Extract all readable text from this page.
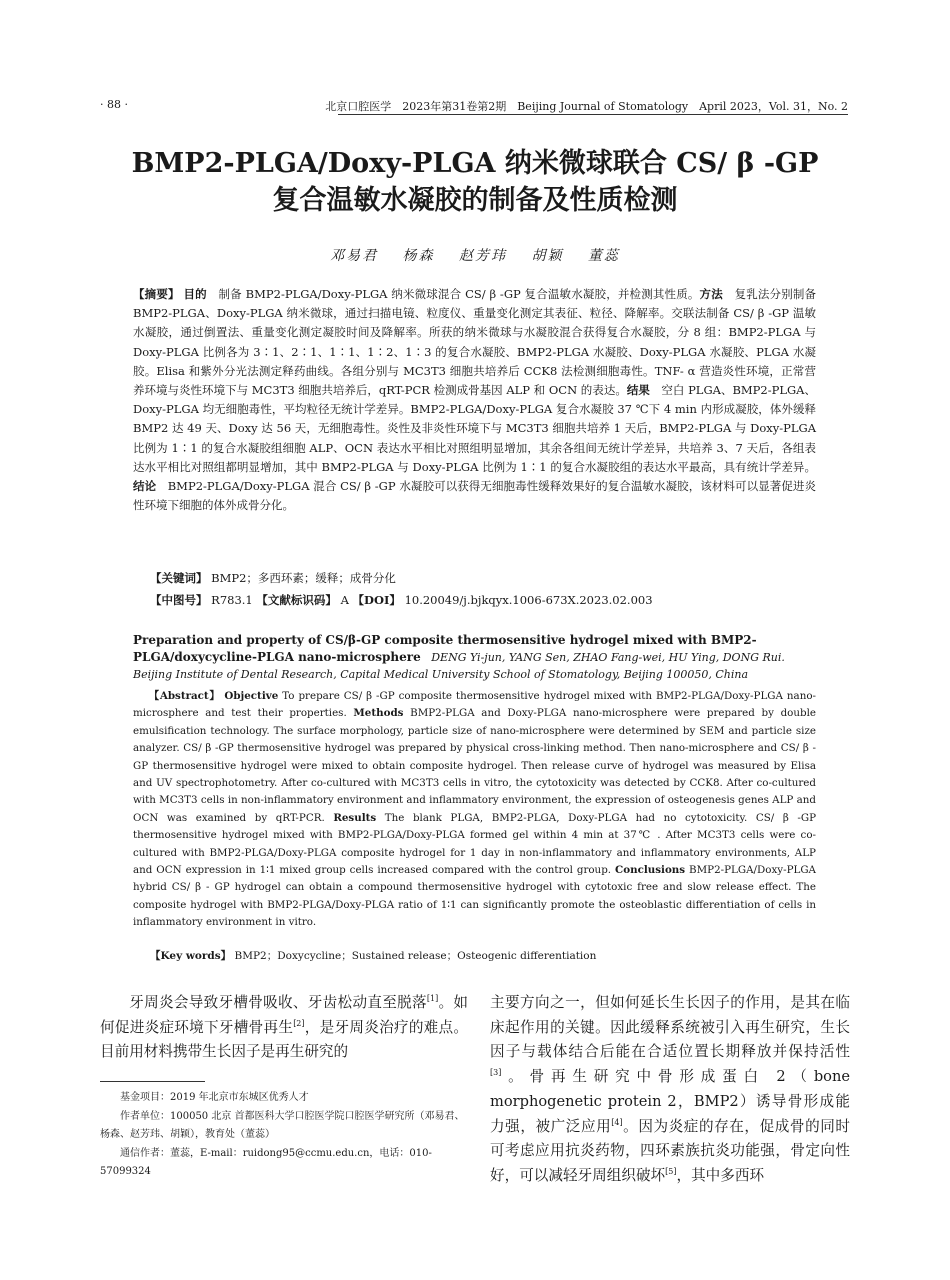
· 88 ·	北京口腔医学　2023年第31卷第2期　Beijing Journal of Stomatology　April 2023，Vol. 31，No. 2
BMP2-PLGA/Doxy-PLGA 纳米微球联合 CS/ β -GP
复合温敏水凝胶的制备及性质检测
邓易君 杨森 赵芳玮 胡颖 董蕊

【摘要】 目的　 制备 BMP2-PLGA/Doxy-PLGA 纳米微球混合 CS/ β -GP 复合温敏水凝胶，并检测其性质。方法　 复乳法分别制备 BMP2-PLGA、Doxy-PLGA 纳米微球，通过扫描电镜、粒度仪、重量变化测定其表征、粒径、降解率。交联法制备 CS/ β -GP 温敏水凝胶，通过倒置法、重量变化测定凝胶时间及降解率。所获的纳米微球与水凝胶混合获得复合水凝胶，分 8 组：BMP2-PLGA 与 Doxy-PLGA 比例各为 3∶1、2∶1、1∶1、1∶2、1∶3 的复合水凝胶、BMP2-PLGA 水凝胶、Doxy-PLGA 水凝胶、PLGA 水凝胶。Elisa 和紫外分光法测定释药曲线。各组分别与 MC3T3 细胞共培养后 CCK8 法检测细胞毒性。TNF- α 营造炎性环境，正常营养环境与炎性环境下与 MC3T3 细胞共培养后，qRT-PCR 检测成骨基因 ALP 和 OCN 的表达。结果　 空白 PLGA、BMP2-PLGA、Doxy-PLGA 均无细胞毒性，平均粒径无统计学差异。BMP2-PLGA/Doxy-PLGA 复合水凝胶 37 ℃下 4 min 内形成凝胶，体外缓释 BMP2 达 49 天、Doxy 达 56 天，无细胞毒性。炎性及非炎性环境下与 MC3T3 细胞共培养 1 天后，BMP2-PLGA 与 Doxy-PLGA 比例为 1∶1 的复合水凝胶组细胞 ALP、OCN 表达水平相比对照组明显增加，其余各组间无统计学差异，共培养 3、7 天后，各组表达水平相比对照组都明显增加，其中 BMP2-PLGA 与 Doxy-PLGA 比例为 1∶1 的复合水凝胶组的表达水平最高，具有统计学差异。结论　 BMP2-PLGA/Doxy-PLGA 混合 CS/ β -GP 水凝胶可以获得无细胞毒性缓释效果好的复合温敏水凝胶，该材料可以显著促进炎性环境下细胞的体外成骨分化。

【关键词】 BMP2；多西环素；缓释；成骨分化

【中图号】 R783.1 【文献标识码】 A 【DOI】 10.20049/j.bjkqyx.1006-673X.2023.02.003

Preparation and property of CS/β-GP composite thermosensitive hydrogel mixed with BMP2-PLGA/doxycycline-PLGA nano-microsphere DENG Yi-jun, YANG Sen, ZHAO Fang-wei, HU Ying, DONG Rui. Beijing Institute of Dental Research, Capital Medical University School of Stomatology, Beijing 100050, China

【Abstract】 Objective To prepare CS/ β -GP composite thermosensitive hydrogel mixed with BMP2-PLGA/Doxy-PLGA nano-microsphere and test their properties. Methods BMP2-PLGA and Doxy-PLGA nano-microsphere were prepared by double emulsification technology. The surface morphology, particle size of nano-microsphere were determined by SEM and particle size analyzer. CS/ β -GP thermosensitive hydrogel was prepared by physical cross-linking method. Then nano-microsphere and CS/ β -GP thermosensitive hydrogel were mixed to obtain composite hydrogel. Then release curve of hydrogel was measured by Elisa and UV spectrophotometry. After co-cultured with MC3T3 cells in vitro, the cytotoxicity was detected by CCK8. After co-cultured with MC3T3 cells in non-inflammatory environment and inflammatory environment, the expression of osteogenesis genes ALP and OCN was examined by qRT-PCR. Results The blank PLGA, BMP2-PLGA, Doxy-PLGA had no cytotoxicity. CS/ β -GP thermosensitive hydrogel mixed with BMP2-PLGA/Doxy-PLGA formed gel within 4 min at 37℃ . After MC3T3 cells were co-cultured with BMP2-PLGA/Doxy-PLGA composite hydrogel for 1 day in non-inflammatory and inflammatory environments, ALP and OCN expression in 1∶1 mixed group cells increased compared with the control group. Conclusions BMP2-PLGA/Doxy-PLGA hybrid CS/ β - GP hydrogel can obtain a compound thermosensitive hydrogel with cytotoxic free and slow release effect. The composite hydrogel with BMP2-PLGA/Doxy-PLGA ratio of 1∶1 can significantly promote the osteoblastic differentiation of cells in inflammatory environment in vitro.

【Key words】 BMP2；Doxycycline；Sustained release；Osteogenic differentiation

牙周炎会导致牙槽骨吸收、牙齿松动直至脱落[1]。如何促进炎症环境下牙槽骨再生[2]，是牙周炎治疗的难点。目前用材料携带生长因子是再生研究的

基金项目：2019 年北京市东城区优秀人才

作者单位：100050 北京 首都医科大学口腔医学院口腔医学研究所（邓易君、杨森、赵芳玮、胡颖），教育处（董蕊）

通信作者：董蕊，E-mail：ruidong95@ccmu.edu.cn，电话：010-57099324

主要方向之一，但如何延长生长因子的作用，是其在临床起作用的关键。因此缓释系统被引入再生研究，生长因子与载体结合后能在合适位置长期释放并保持活性[3]。骨再生研究中骨形成蛋白 2（bone morphogenetic protein 2，BMP2）诱导骨形成能力强，被广泛应用[4]。因为炎症的存在，促成骨的同时可考虑应用抗炎药物，四环素族抗炎功能强，骨定向性好，可以减轻牙周组织破坏[5]，其中多西环
